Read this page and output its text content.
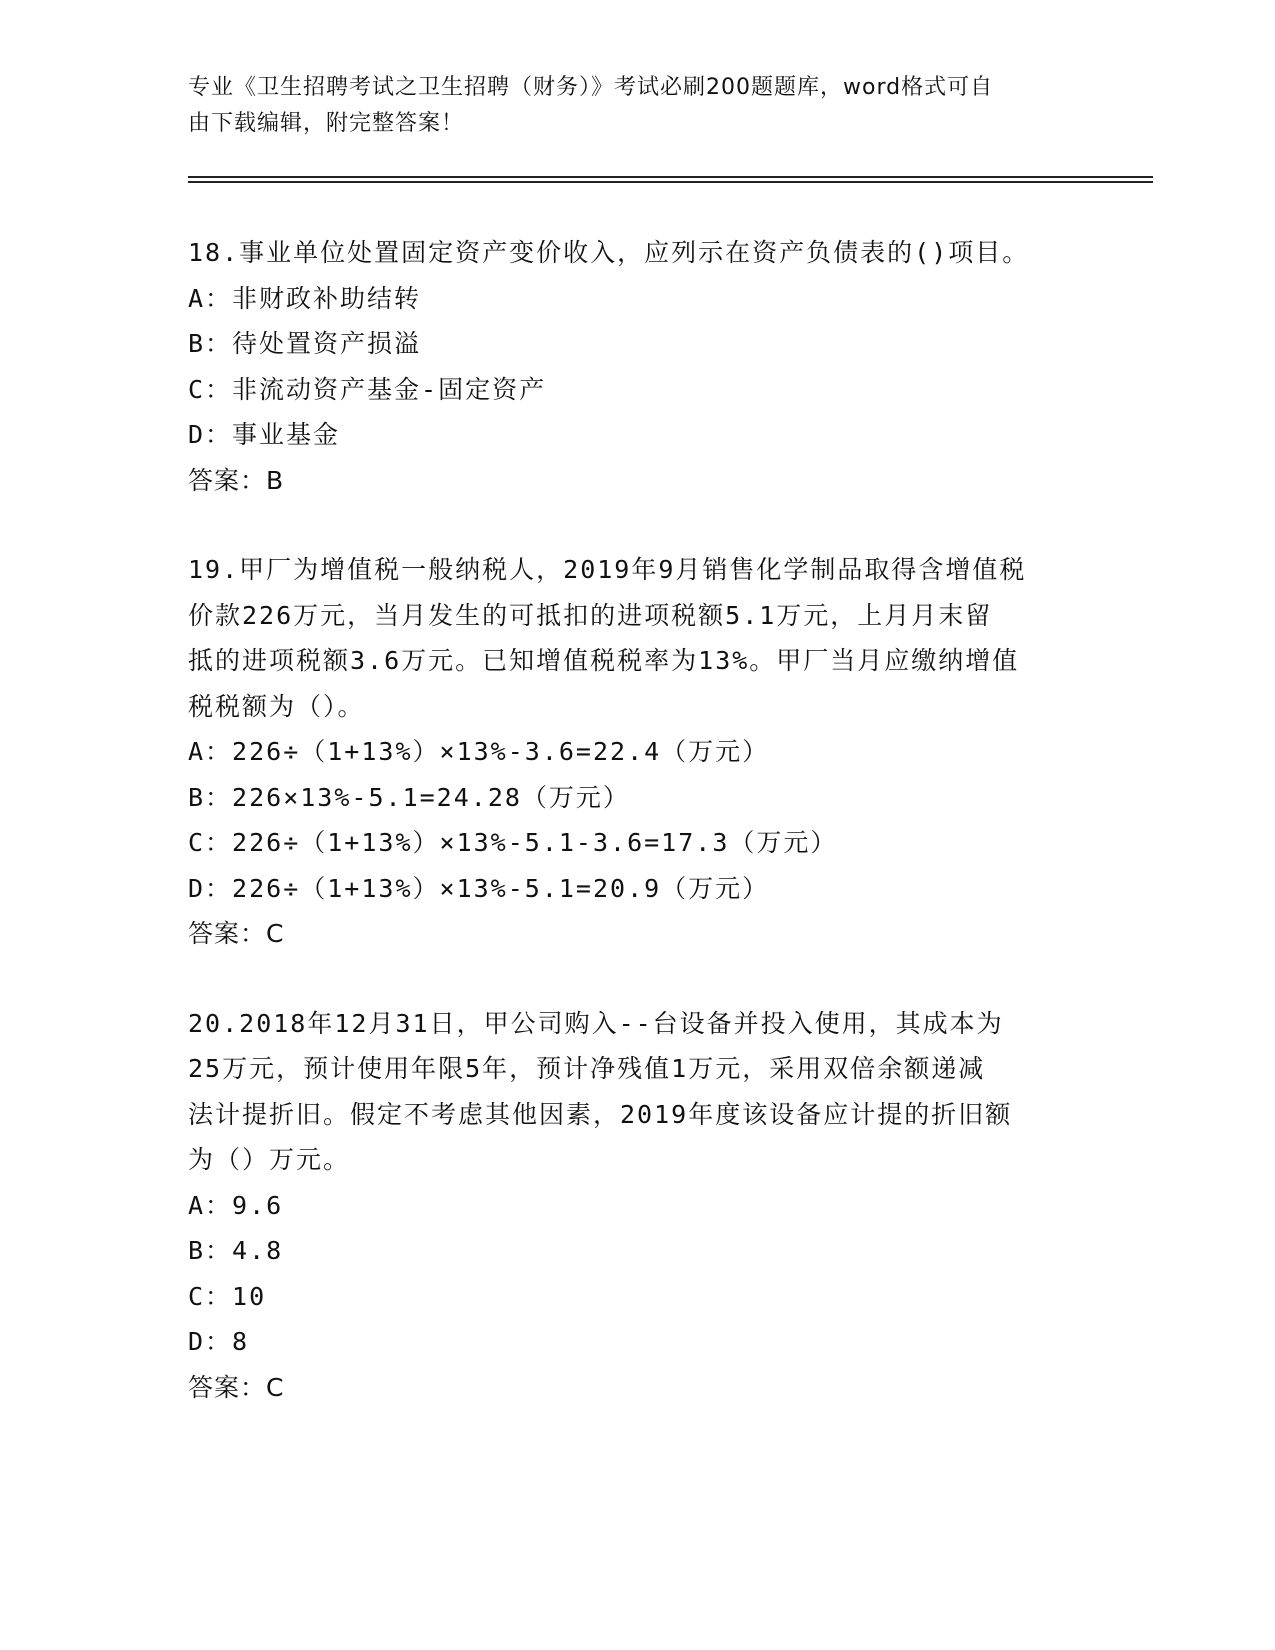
专业《卫生招聘考试之卫生招聘（财务）》考试必刷200题题库，word格式可自
由下载编辑，附完整答案！
18.事业单位处置固定资产变价收入，应列示在资产负债表的()项目。
A：非财政补助结转
B：待处置资产损溢
C：非流动资产基金-固定资产
D：事业基金
答案：B
19.甲厂为增值税一般纳税人，2019年9月销售化学制品取得含增值税
价款226万元，当月发生的可抵扣的进项税额5.1万元，上月月末留
抵的进项税额3.6万元。已知增值税税率为13%。甲厂当月应缴纳增值
税税额为（）。
A：226÷（1+13%）×13%-3.6=22.4（万元）
B：226×13%-5.1=24.28（万元）
C：226÷（1+13%）×13%-5.1-3.6=17.3（万元）
D：226÷（1+13%）×13%-5.1=20.9（万元）
答案：C
20.2018年12月31日，甲公司购入--台设备并投入使用，其成本为
25万元，预计使用年限5年，预计净残值1万元，采用双倍余额递减
法计提折旧。假定不考虑其他因素，2019年度该设备应计提的折旧额
为（）万元。
A：9.6
B：4.8
C：10
D：8
答案：C
